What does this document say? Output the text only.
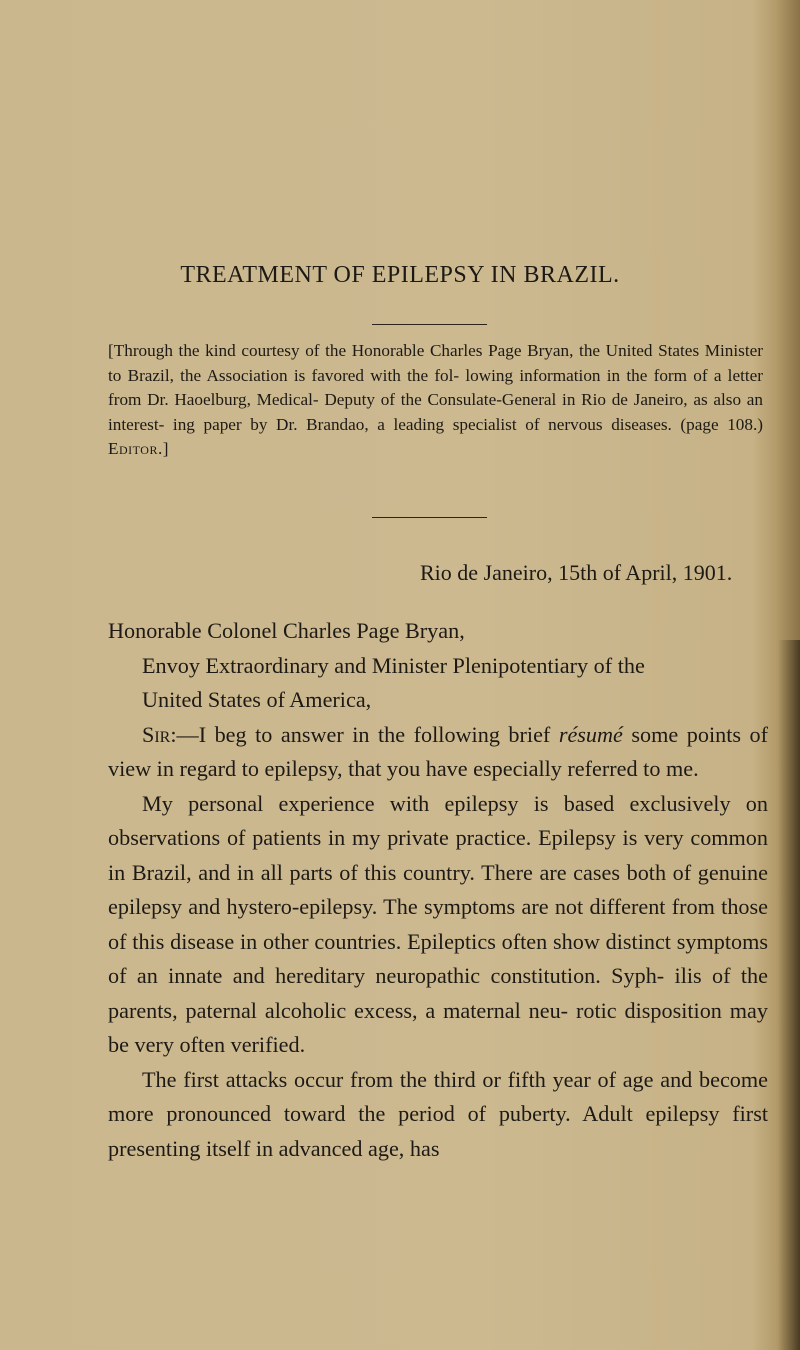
TREATMENT OF EPILEPSY IN BRAZIL.

[Through the kind courtesy of the Honorable Charles Page Bryan, the United States Minister to Brazil, the Association is favored with the fol- lowing information in the form of a letter from Dr. Haoelburg, Medical- Deputy of the Consulate-General in Rio de Janeiro, as also an interest- ing paper by Dr. Brandao, a leading specialist of nervous diseases. (page 108.) Editor.]

Rio de Janeiro, 15th of April, 1901.

Honorable Colonel Charles Page Bryan,

Envoy Extraordinary and Minister Plenipotentiary of the

United States of America,

Sir:—I beg to answer in the following brief résumé some points of view in regard to epilepsy, that you have especially referred to me.

My personal experience with epilepsy is based exclusively on observations of patients in my private practice. Epilepsy is very common in Brazil, and in all parts of this country. There are cases both of genuine epilepsy and hystero-epilepsy. The symptoms are not different from those of this disease in other countries. Epileptics often show distinct symptoms of an innate and hereditary neuropathic constitution. Syph- ilis of the parents, paternal alcoholic excess, a maternal neu- rotic disposition may be very often verified.

The first attacks occur from the third or fifth year of age and become more pronounced toward the period of puberty. Adult epilepsy first presenting itself in advanced age, has
